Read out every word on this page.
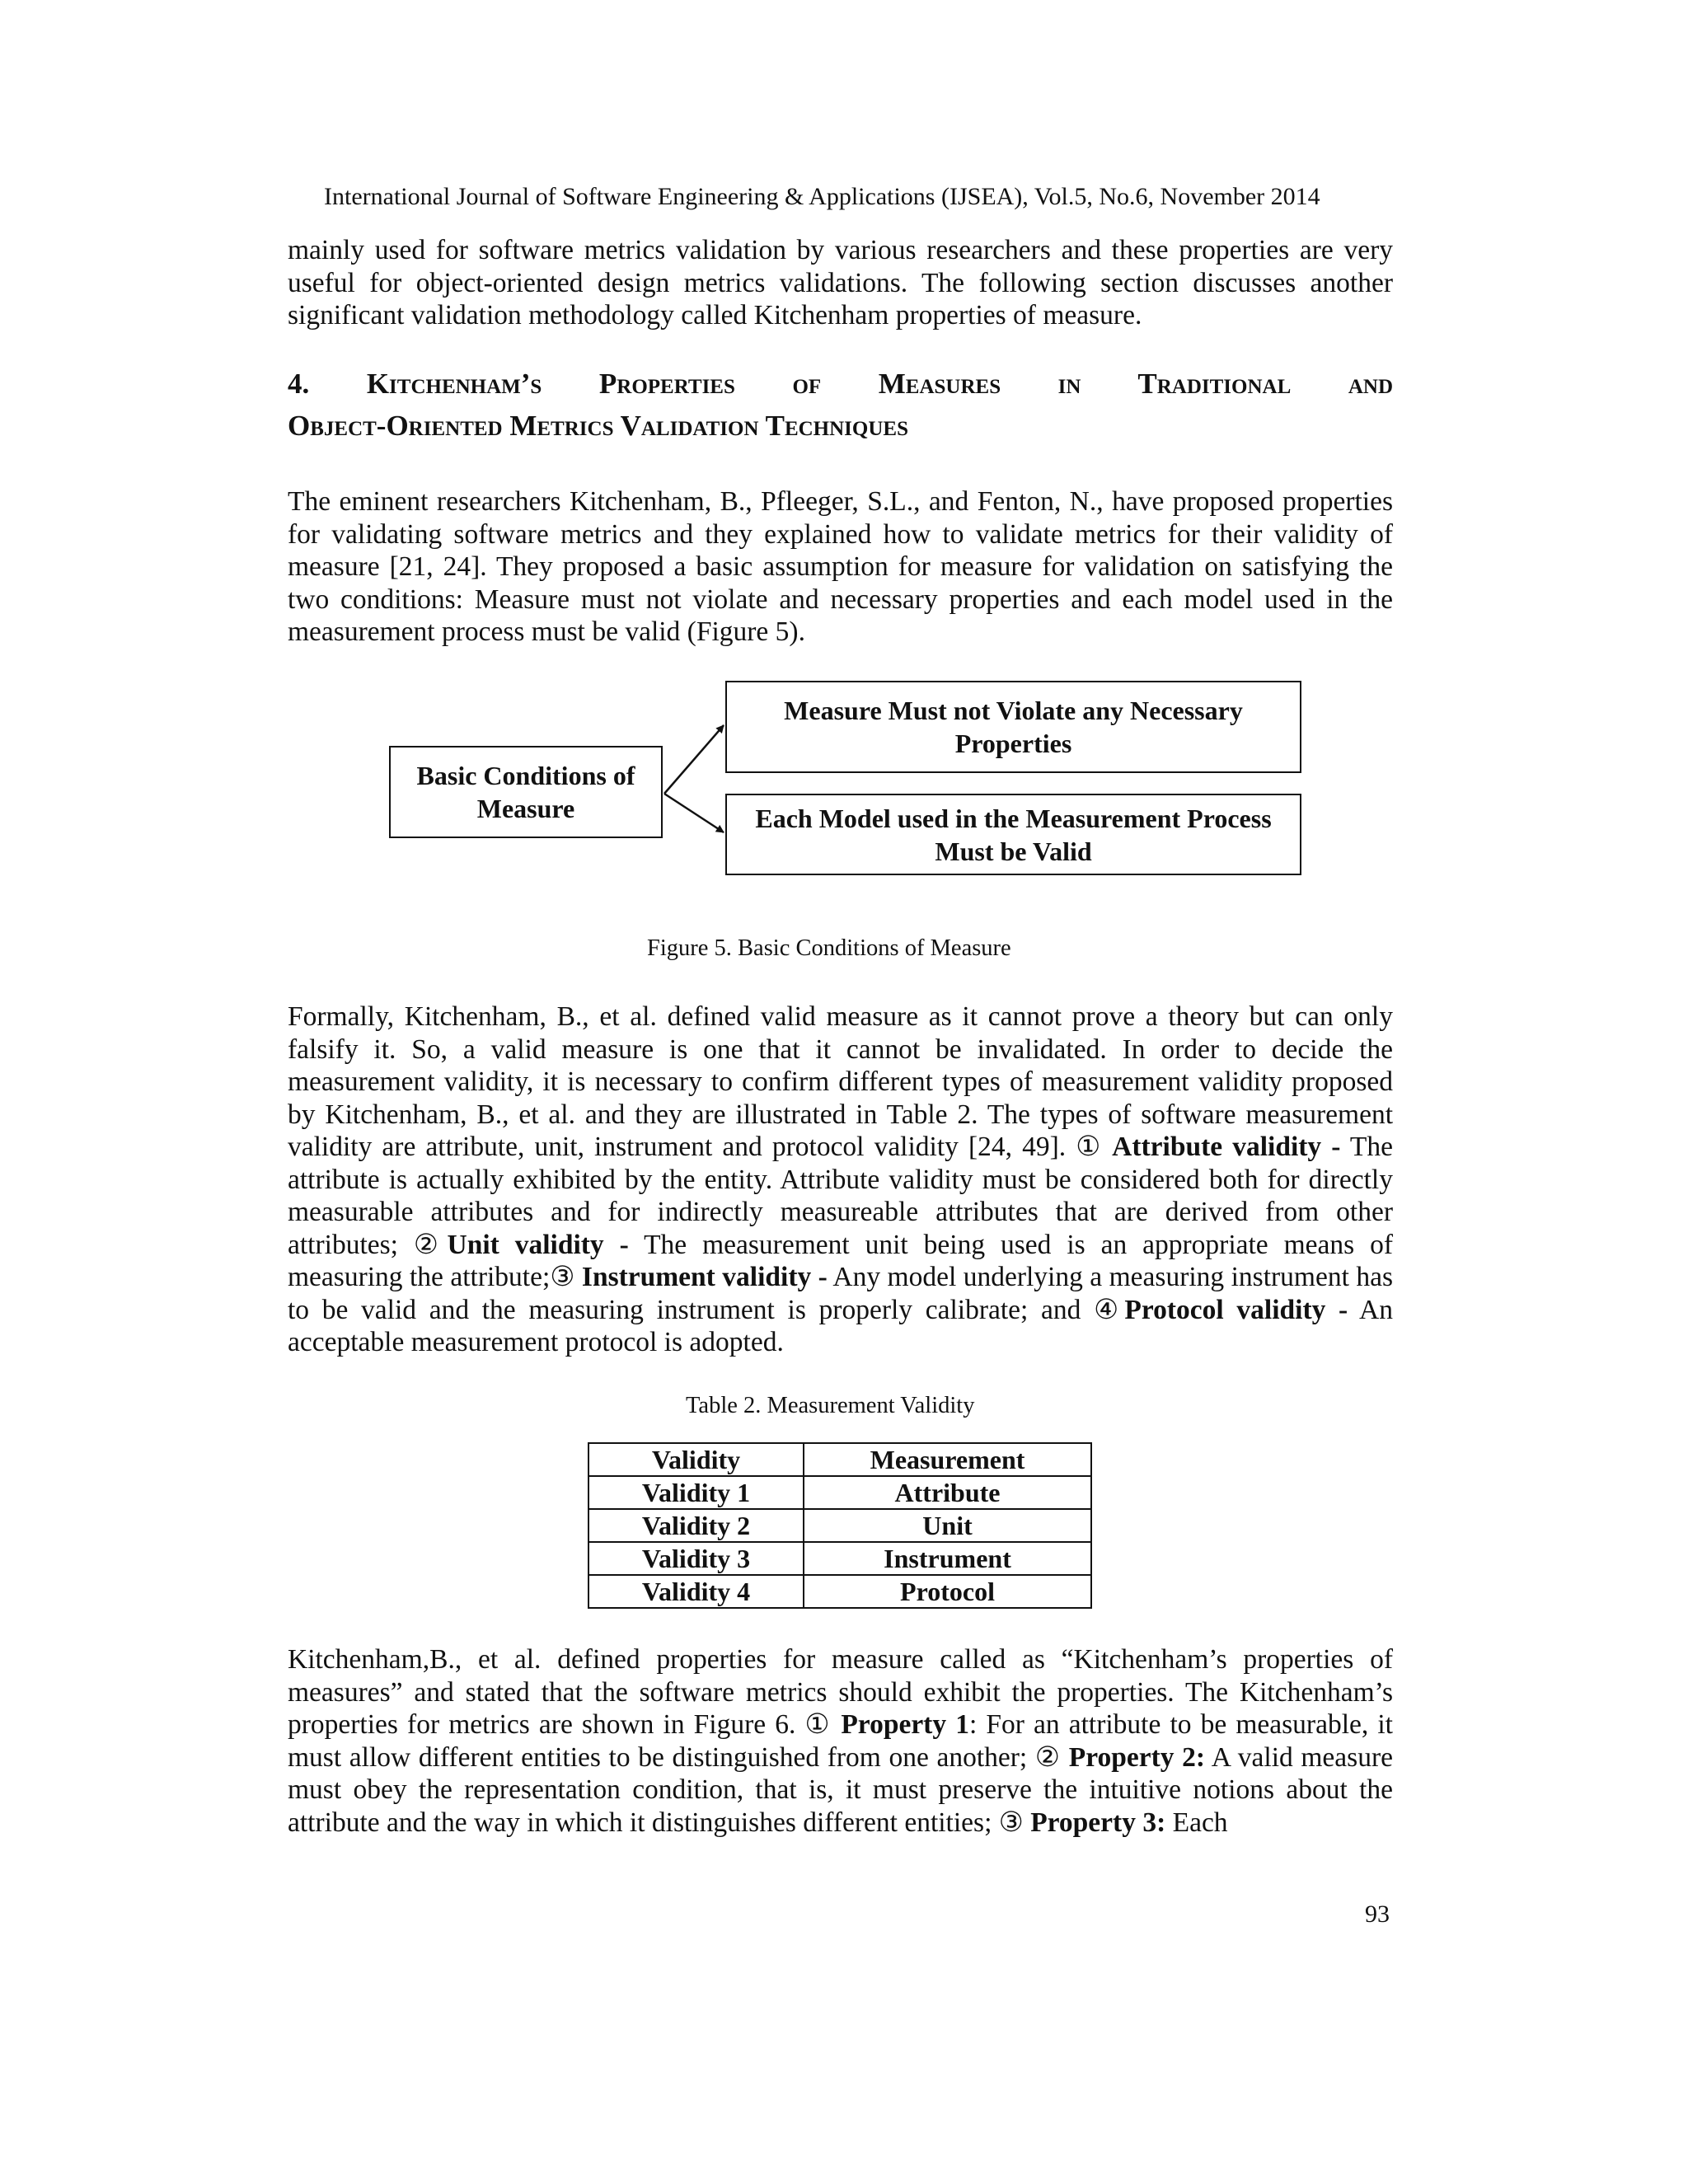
International Journal of Software Engineering & Applications (IJSEA), Vol.5, No.6, November 2014

mainly used for software metrics validation by various researchers and these properties are very useful for object-oriented design metrics validations. The following section discusses another significant validation methodology called Kitchenham properties of measure.

4. Kitchenham’s Properties of Measures in Traditional and
Object-Oriented Metrics Validation Techniques

The eminent researchers Kitchenham, B., Pfleeger, S.L., and Fenton, N., have proposed properties for validating software metrics and they explained how to validate metrics for their validity of measure [21, 24]. They proposed a basic assumption for measure for validation on satisfying the two conditions: Measure must not violate and necessary properties and each model used in the measurement process must be valid (Figure 5).

Basic Conditions of Measure
Measure Must not Violate any Necessary Properties
Each Model used in the Measurement Process Must be Valid
Figure 5. Basic Conditions of Measure

Formally, Kitchenham, B., et al. defined valid measure as it cannot prove a theory but can only falsify it. So, a valid measure is one that it cannot be invalidated. In order to decide the measurement validity, it is necessary to confirm different types of measurement validity proposed by Kitchenham, B., et al. and they are illustrated in Table 2. The types of software measurement validity are attribute, unit, instrument and protocol validity [24, 49]. ① Attribute validity - The attribute is actually exhibited by the entity. Attribute validity must be considered both for directly measurable attributes and for indirectly measureable attributes that are derived from other attributes; ②Unit validity - The measurement unit being used is an appropriate means of measuring the attribute;③ Instrument validity - Any model underlying a measuring instrument has to be valid and the measuring instrument is properly calibrate; and ④Protocol validity - An acceptable measurement protocol is adopted.

Table 2. Measurement Validity
Validity	Measurement
Validity 1	Attribute
Validity 2	Unit
Validity 3	Instrument
Validity 4	Protocol

Kitchenham,B., et al. defined properties for measure called as “Kitchenham’s properties of measures” and stated that the software metrics should exhibit the properties. The Kitchenham’s properties for metrics are shown in Figure 6. ① Property 1: For an attribute to be measurable, it must allow different entities to be distinguished from one another; ② Property 2: A valid measure must obey the representation condition, that is, it must preserve the intuitive notions about the attribute and the way in which it distinguishes different entities; ③ Property 3: Each

93
